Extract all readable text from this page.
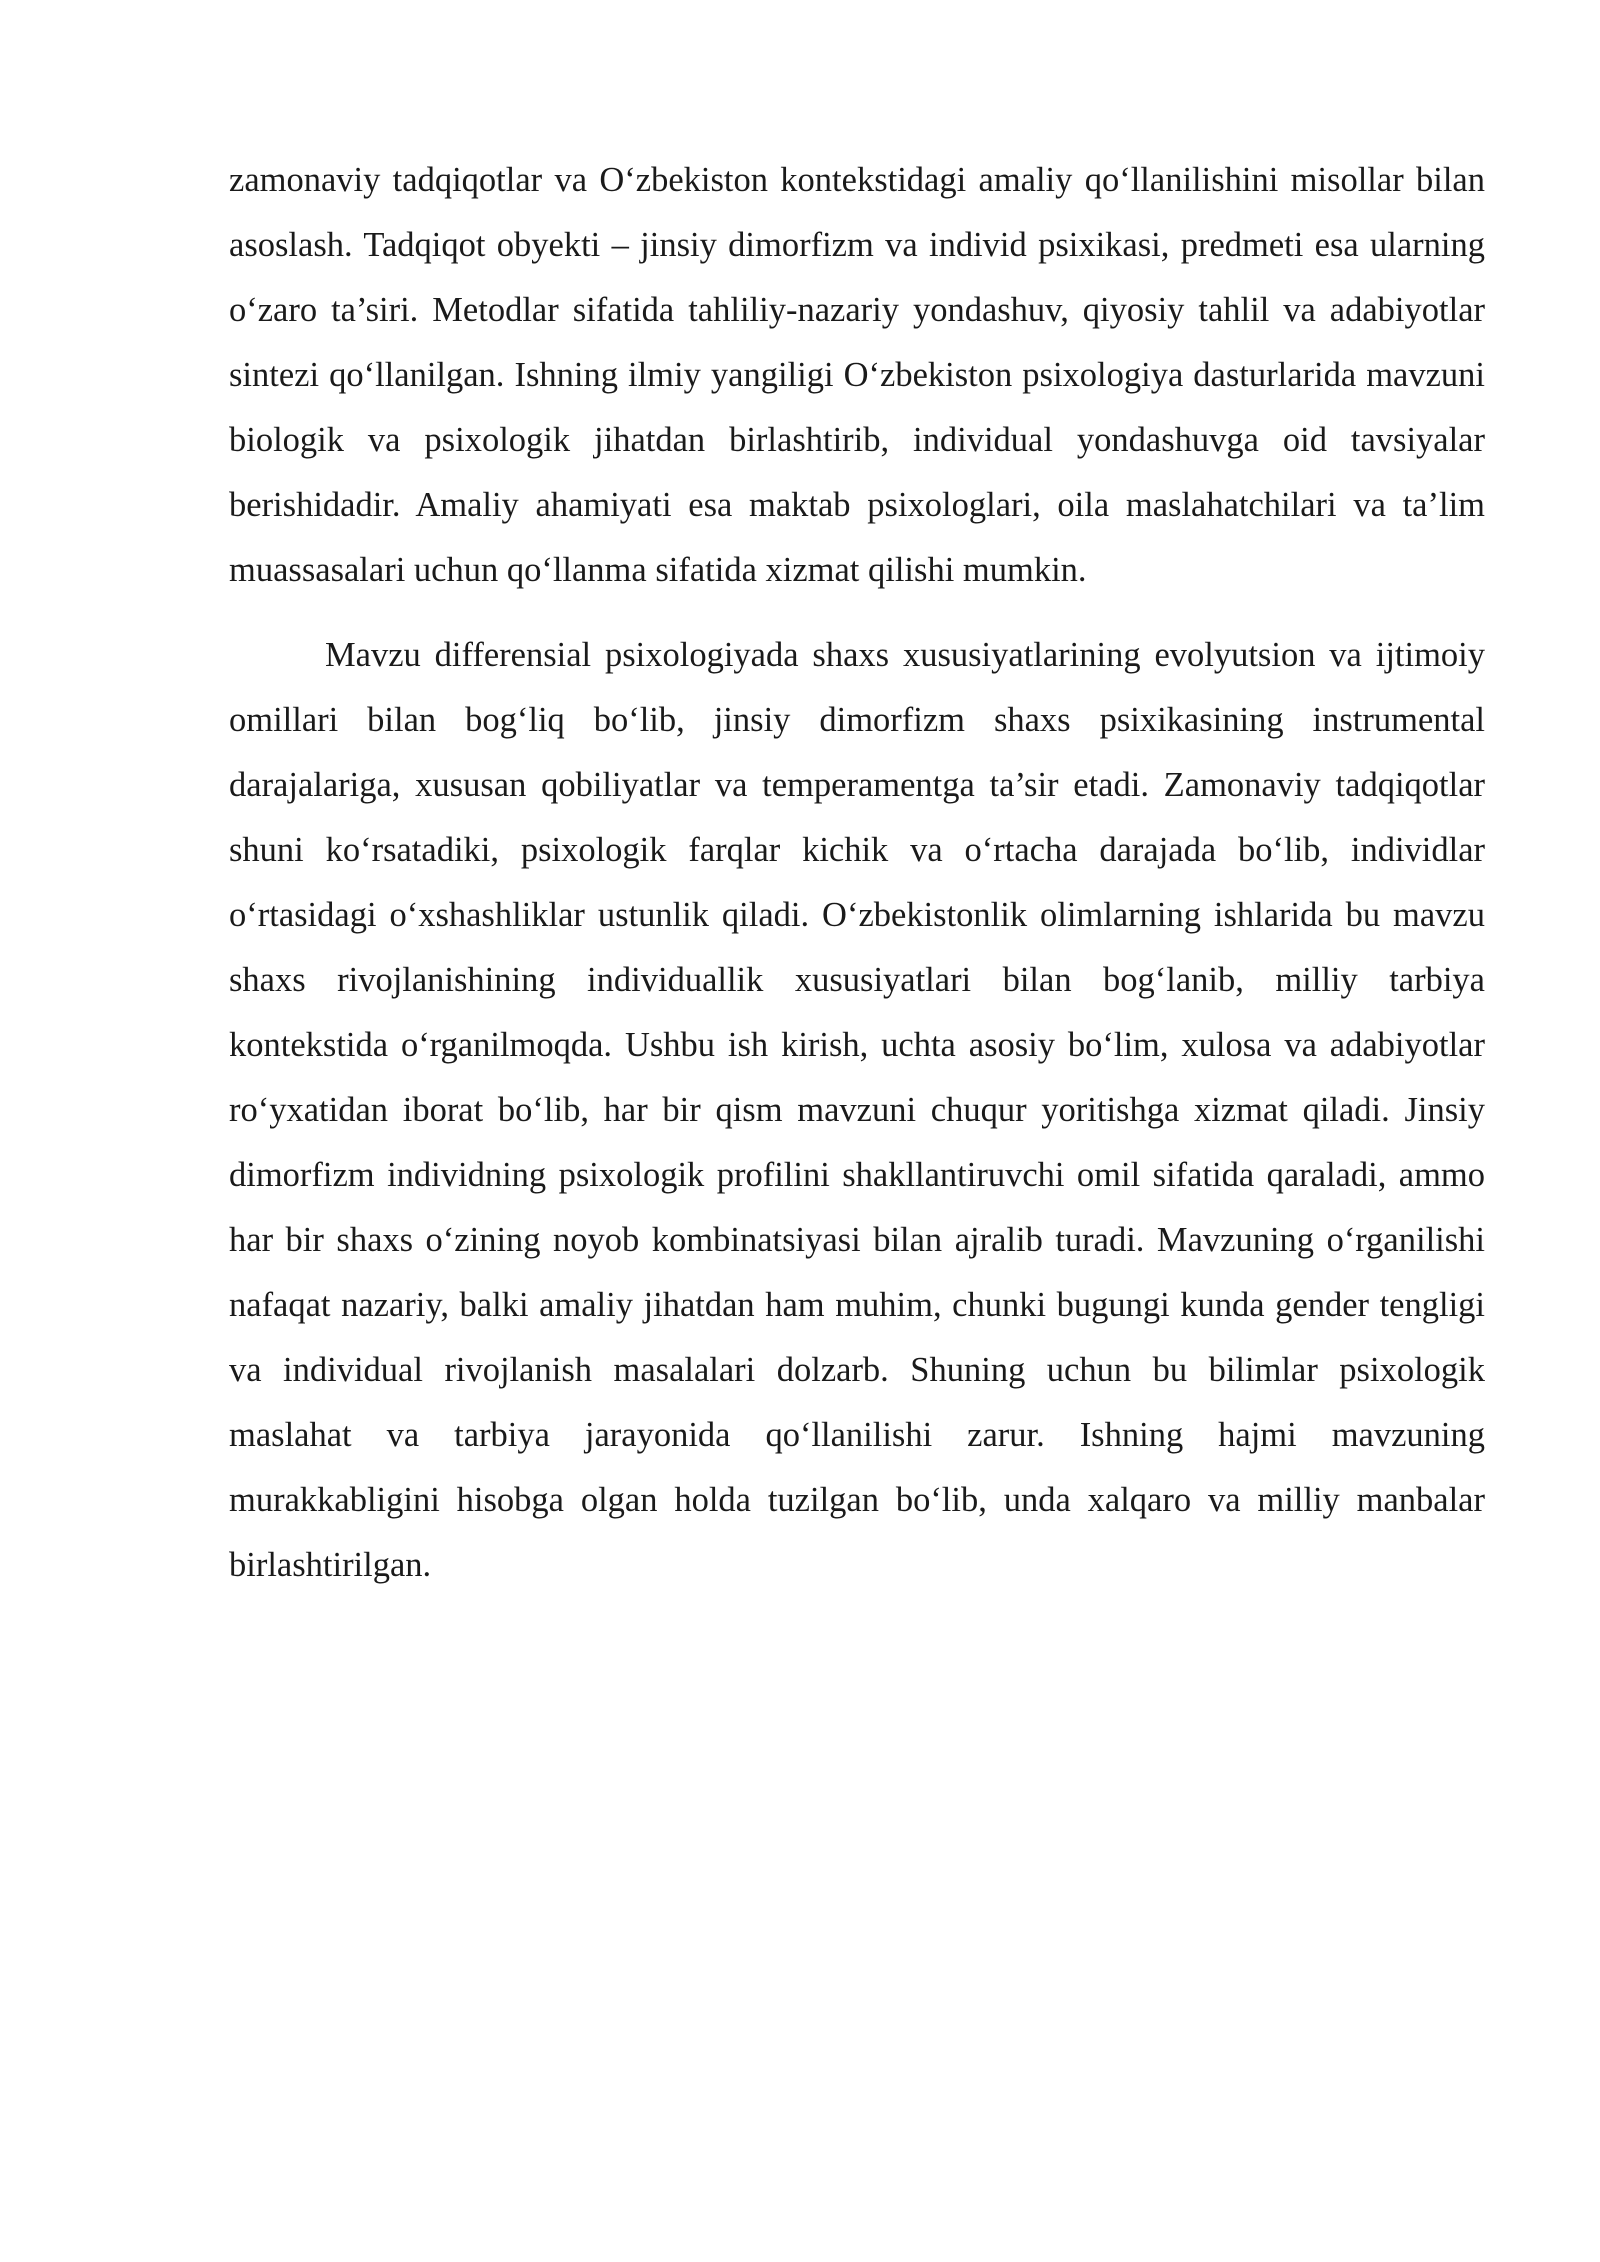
zamonaviy tadqiqotlar va O‘zbekiston kontekstidagi amaliy qo‘llanilishini misollar bilan asoslash. Tadqiqot obyekti – jinsiy dimorfizm va individ psixikasi, predmeti esa ularning o‘zaro ta’siri. Metodlar sifatida tahliliy-nazariy yondashuv, qiyosiy tahlil va adabiyotlar sintezi qo‘llanilgan. Ishning ilmiy yangiligi O‘zbekiston psixologiya dasturlarida mavzuni biologik va psixologik jihatdan birlashtirib, individual yondashuvga oid tavsiyalar berishidadir. Amaliy ahamiyati esa maktab psixologlari, oila maslahatchilari va ta’lim muassasalari uchun qo‘llanma sifatida xizmat qilishi mumkin.

Mavzu differensial psixologiyada shaxs xususiyatlarining evolyutsion va ijtimoiy omillari bilan bog‘liq bo‘lib, jinsiy dimorfizm shaxs psixikasining instrumental darajalariga, xususan qobiliyatlar va temperamentga ta’sir etadi. Zamonaviy tadqiqotlar shuni ko‘rsatadiki, psixologik farqlar kichik va o‘rtacha darajada bo‘lib, individlar o‘rtasidagi o‘xshashliklar ustunlik qiladi. O‘zbekistonlik olimlarning ishlarida bu mavzu shaxs rivojlanishining individuallik xususiyatlari bilan bog‘lanib, milliy tarbiya kontekstida o‘rganilmoqda. Ushbu ish kirish, uchta asosiy bo‘lim, xulosa va adabiyotlar ro‘yxatidan iborat bo‘lib, har bir qism mavzuni chuqur yoritishga xizmat qiladi. Jinsiy dimorfizm individning psixologik profilini shakllantiruvchi omil sifatida qaraladi, ammo har bir shaxs o‘zining noyob kombinatsiyasi bilan ajralib turadi. Mavzuning o‘rganilishi nafaqat nazariy, balki amaliy jihatdan ham muhim, chunki bugungi kunda gender tengligi va individual rivojlanish masalalari dolzarb. Shuning uchun bu bilimlar psixologik maslahat va tarbiya jarayonida qo‘llanilishi zarur. Ishning hajmi mavzuning murakkabligini hisobga olgan holda tuzilgan bo‘lib, unda xalqaro va milliy manbalar birlashtirilgan.
